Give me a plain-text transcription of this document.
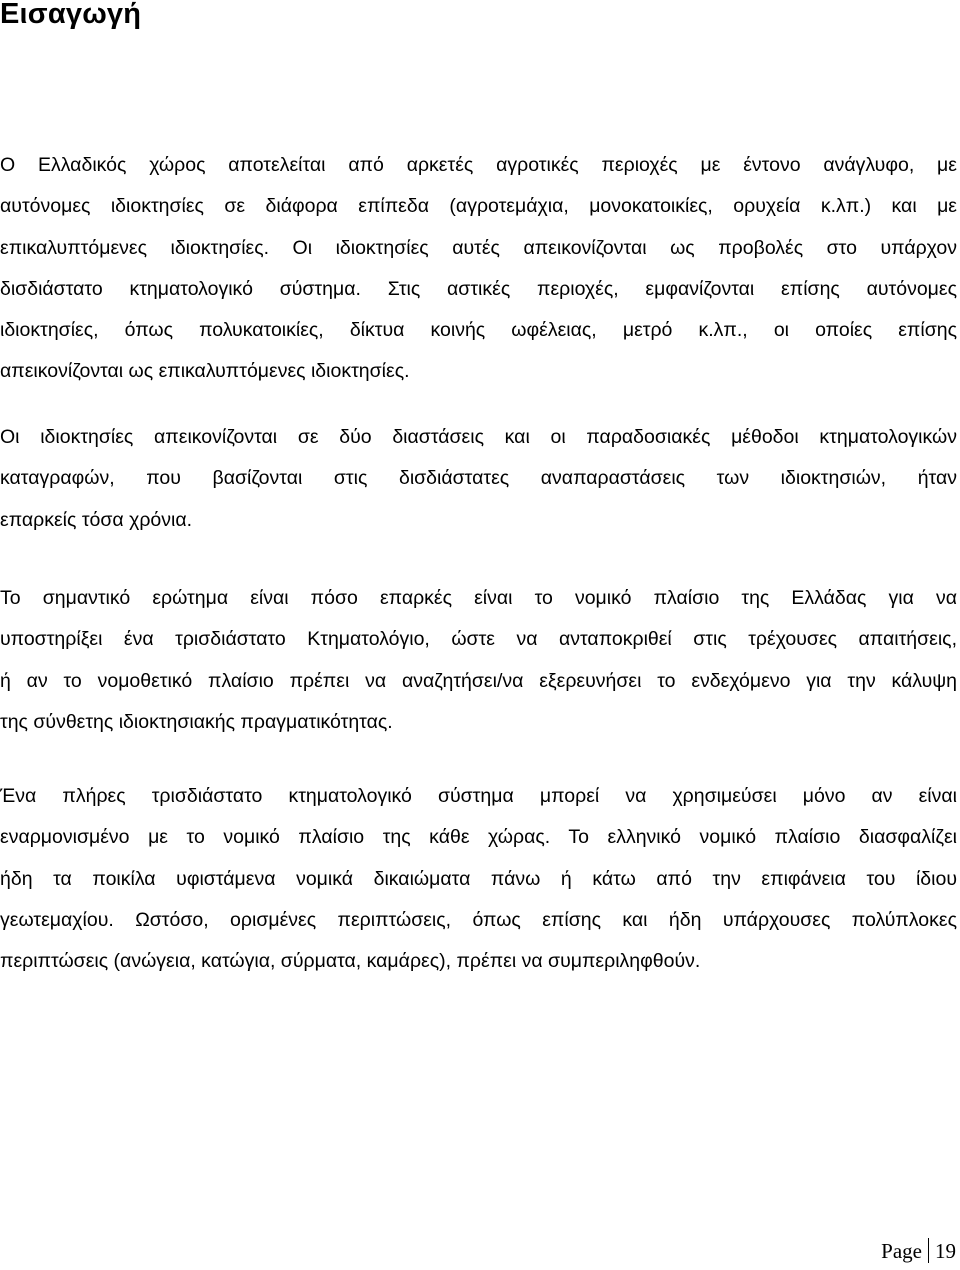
Εισαγωγή

Ο Ελλαδικός χώρος αποτελείται από αρκετές αγροτικές περιοχές με έντονο ανάγλυφο, με
αυτόνομες ιδιοκτησίες σε διάφορα επίπεδα (αγροτεμάχια, μονοκατοικίες, ορυχεία κ.λπ.) και με
επικαλυπτόμενες ιδιοκτησίες. Οι ιδιοκτησίες αυτές απεικονίζονται ως προβολές στο υπάρχον
δισδιάστατο κτηματολογικό σύστημα. Στις αστικές περιοχές, εμφανίζονται επίσης αυτόνομες
ιδιοκτησίες, όπως πολυκατοικίες, δίκτυα κοινής ωφέλειας, μετρό κ.λπ., οι οποίες επίσης
απεικονίζονται ως επικαλυπτόμενες ιδιοκτησίες.

Οι ιδιοκτησίες απεικονίζονται σε δύο διαστάσεις και οι παραδοσιακές μέθοδοι κτηματολογικών
καταγραφών, που βασίζονται στις δισδιάστατες αναπαραστάσεις των ιδιοκτησιών, ήταν
επαρκείς τόσα χρόνια.

Το σημαντικό ερώτημα είναι πόσο επαρκές είναι το νομικό πλαίσιο της Ελλάδας για να
υποστηρίξει ένα τρισδιάστατο Κτηματολόγιο, ώστε να ανταποκριθεί στις τρέχουσες απαιτήσεις,
ή αν το νομοθετικό πλαίσιο πρέπει να αναζητήσει/να εξερευνήσει το ενδεχόμενο για την κάλυψη
της σύνθετης ιδιοκτησιακής πραγματικότητας.

Ένα πλήρες τρισδιάστατο κτηματολογικό σύστημα μπορεί να χρησιμεύσει μόνο αν είναι
εναρμονισμένο με το νομικό πλαίσιο της κάθε χώρας. Το ελληνικό νομικό πλαίσιο διασφαλίζει
ήδη τα ποικίλα υφιστάμενα νομικά δικαιώματα πάνω ή κάτω από την επιφάνεια του ίδιου
γεωτεμαχίου. Ωστόσο, ορισμένες περιπτώσεις, όπως επίσης και ήδη υπάρχουσες πολύπλοκες
περιπτώσεις (ανώγεια, κατώγια, σύρματα, καμάρες), πρέπει να συμπεριληφθούν.

Page 19
